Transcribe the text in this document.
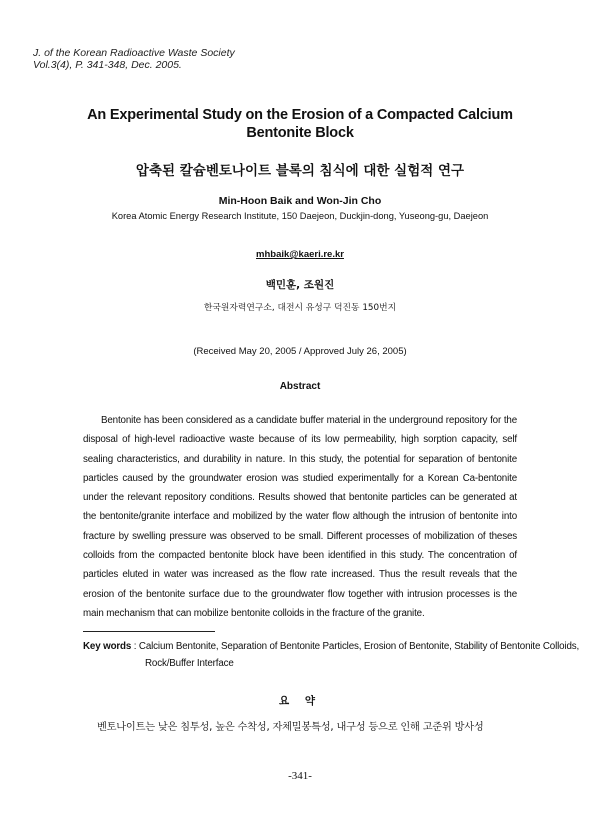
J. of the Korean Radioactive Waste Society
Vol.3(4), P. 341-348, Dec. 2005.
An Experimental Study on the Erosion of a Compacted Calcium
Bentonite Block
압축된 칼슘벤토나이트 블록의 침식에 대한 실험적 연구
Min-Hoon Baik and Won-Jin Cho
Korea Atomic Energy Research Institute, 150 Daejeon, Duckjin-dong, Yuseong-gu, Daejeon
mhbaik@kaeri.re.kr
백민훈, 조원진
한국원자력연구소, 대전시 유성구 덕진동 150번지
(Received May 20, 2005 / Approved July 26, 2005)
Abstract
Bentonite has been considered as a candidate buffer material in the underground repository for the disposal of high-level radioactive waste because of its low permeability, high sorption capacity, self sealing characteristics, and durability in nature. In this study, the potential for separation of bentonite particles caused by the groundwater erosion was studied experimentally for a Korean Ca-bentonite under the relevant repository conditions. Results showed that bentonite particles can be generated at the bentonite/granite interface and mobilized by the water flow although the intrusion of bentonite into fracture by swelling pressure was observed to be small. Different processes of mobilization of theses colloids from the compacted bentonite block have been identified in this study. The concentration of particles eluted in water was increased as the flow rate increased. Thus the result reveals that the erosion of the bentonite surface due to the groundwater flow together with intrusion processes is the main mechanism that can mobilize bentonite colloids in the fracture of the granite.
Key words : Calcium Bentonite, Separation of Bentonite Particles, Erosion of Bentonite, Stability of Bentonite Colloids, Rock/Buffer Interface
요 약
벤토나이트는 낮은 침투성, 높은 수착성, 자체밀봉특성, 내구성 등으로 인해 고준위 방사성
-341-
